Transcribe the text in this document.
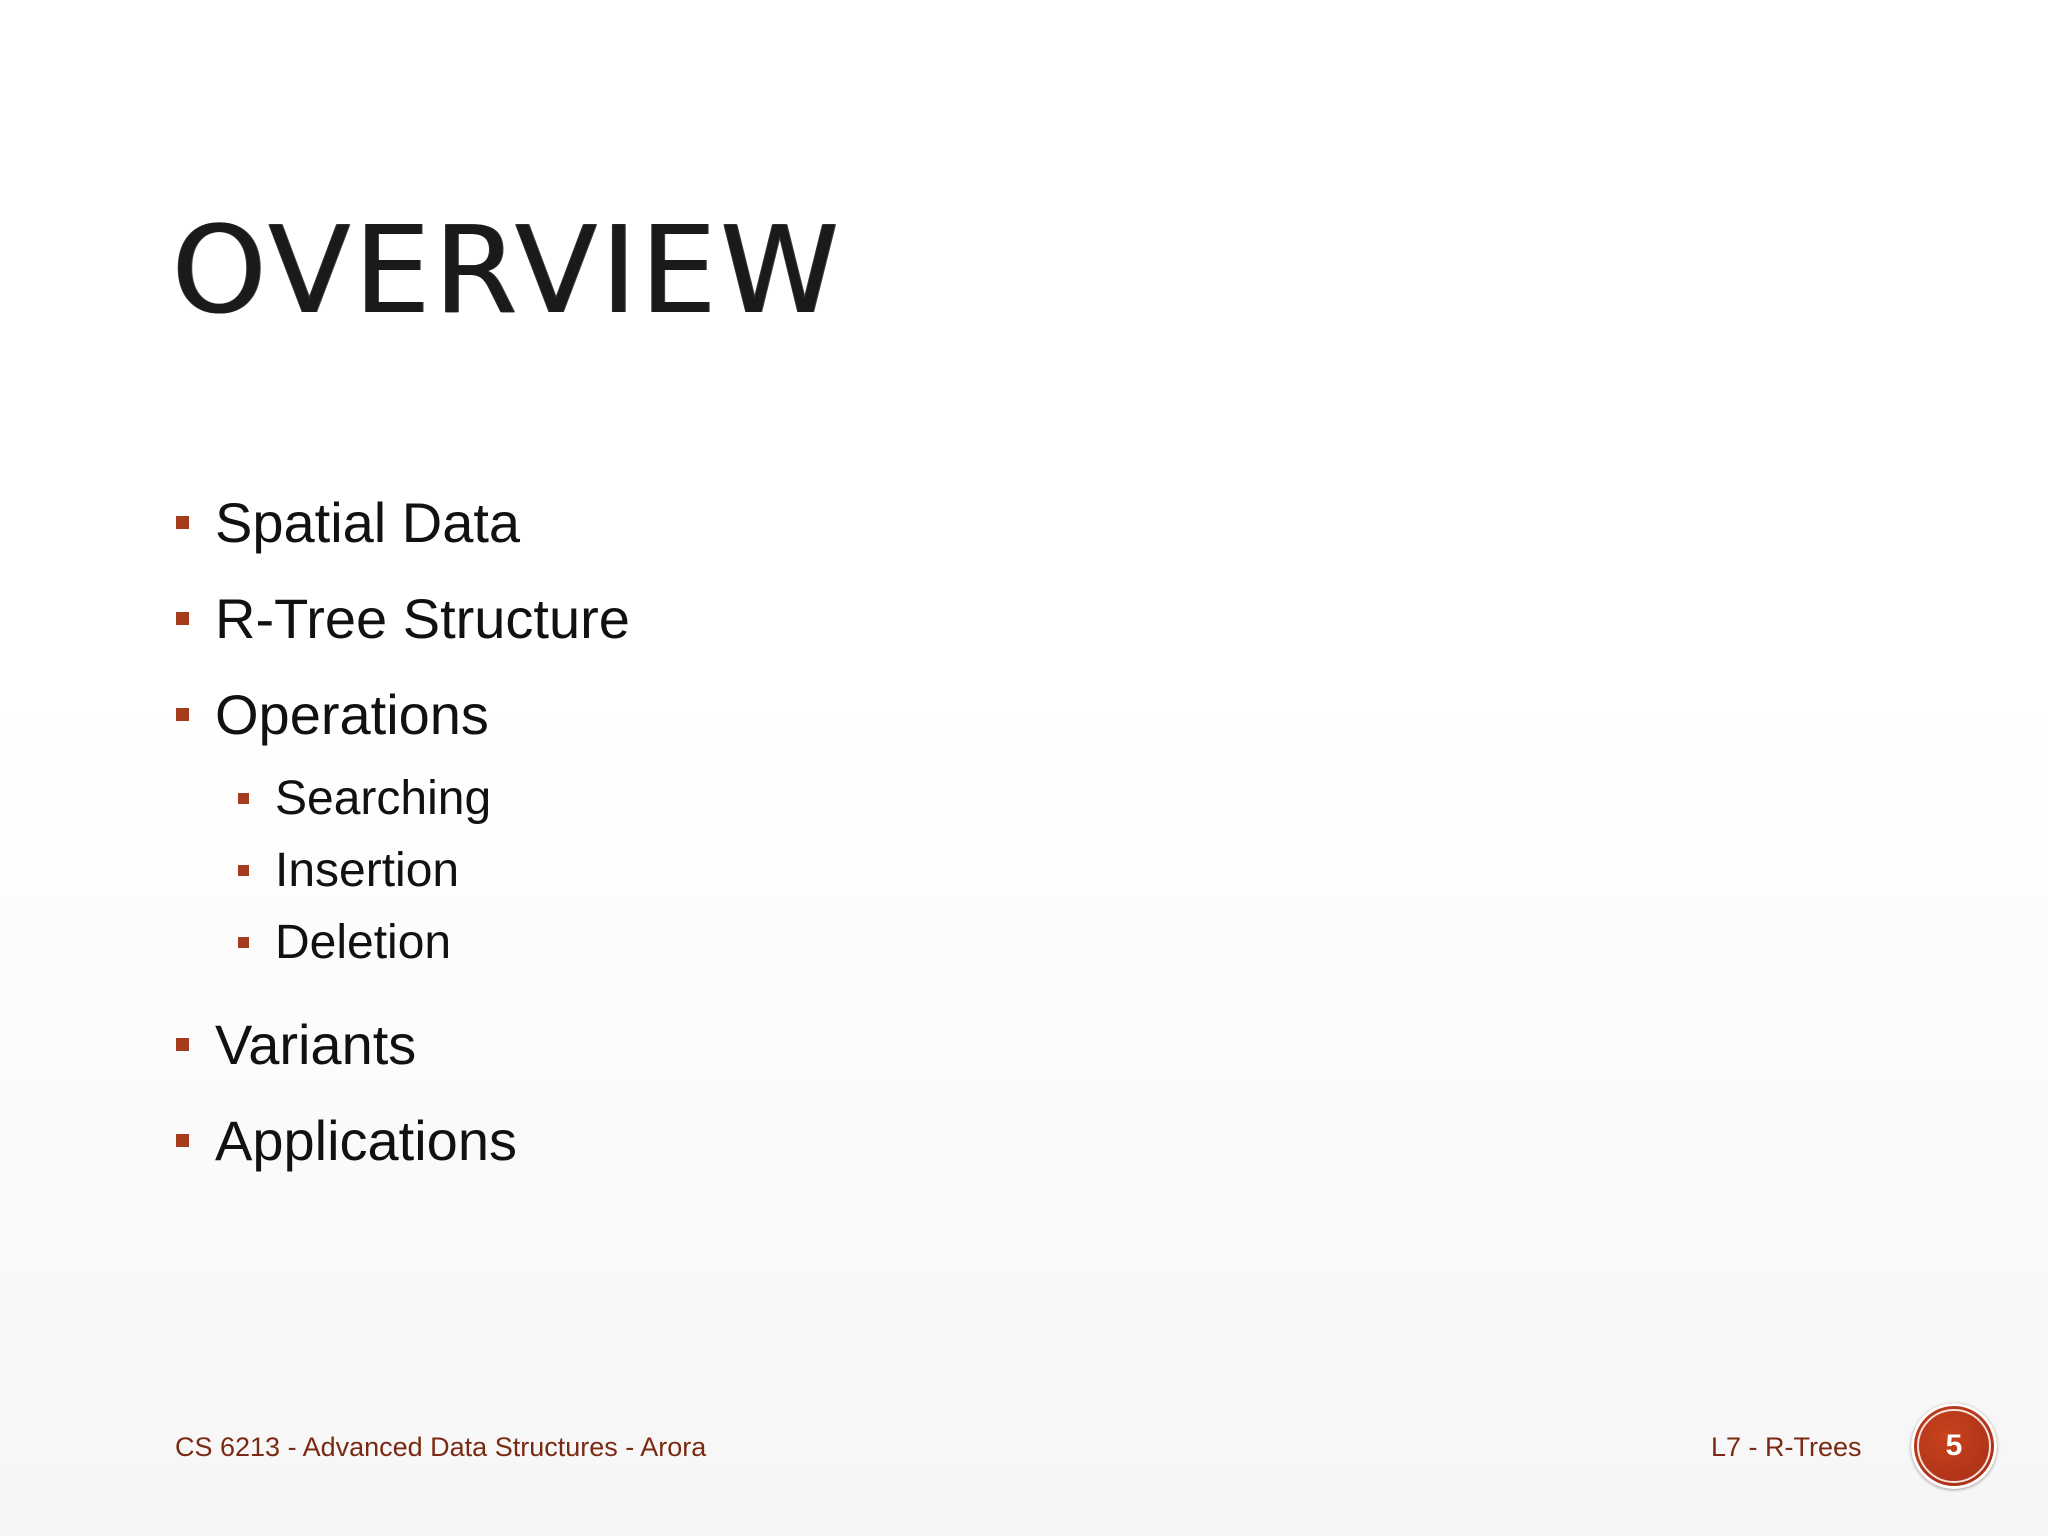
OVERVIEW
Spatial Data
R-Tree Structure
Operations
Searching
Insertion
Deletion
Variants
Applications
CS 6213 - Advanced Data Structures - Arora	L7 - R-Trees	5
